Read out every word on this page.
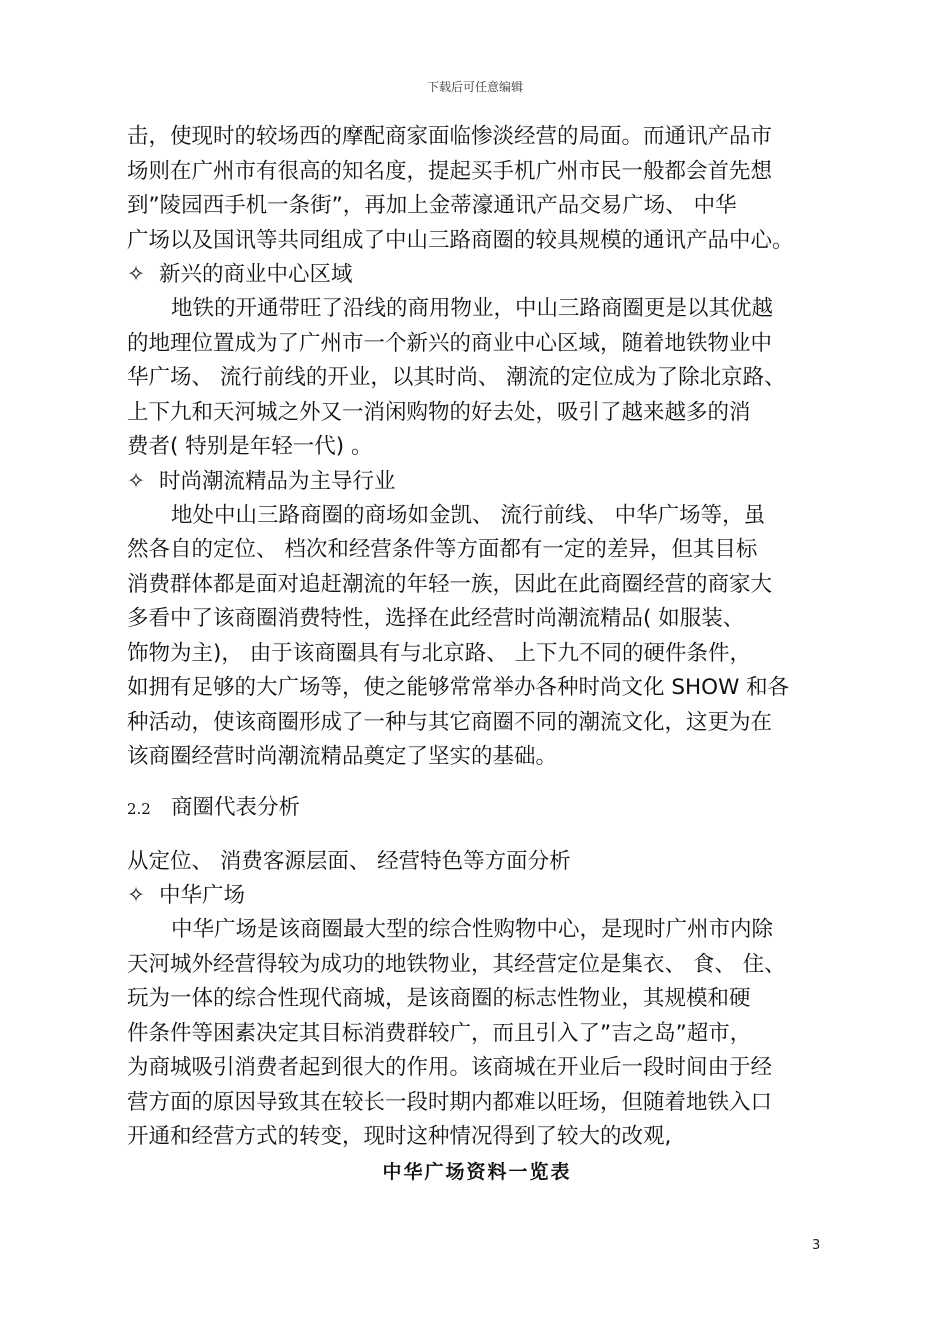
下载后可任意编辑
击，使现时的较场西的摩配商家面临惨淡经营的局面。而通讯产品市
场则在广州市有很高的知名度，提起买手机广州市民一般都会首先想
到”陵园西手机一条街”，再加上金蒂濠通讯产品交易广场、 中华
广场以及国讯等共同组成了中山三路商圈的较具规模的通讯产品中心。
✧ 新兴的商业中心区域
地铁的开通带旺了沿线的商用物业，中山三路商圈更是以其优越
的地理位置成为了广州市一个新兴的商业中心区域，随着地铁物业中
华广场、 流行前线的开业，以其时尚、 潮流的定位成为了除北京路、
上下九和天河城之外又一消闲购物的好去处，吸引了越来越多的消
费者( 特别是年轻一代) 。
✧ 时尚潮流精品为主导行业
地处中山三路商圈的商场如金凯、 流行前线、 中华广场等，虽
然各自的定位、 档次和经营条件等方面都有一定的差异，但其目标
消费群体都是面对追赶潮流的年轻一族，因此在此商圈经营的商家大
多看中了该商圈消费特性，选择在此经营时尚潮流精品( 如服装、
饰物为主)， 由于该商圈具有与北京路、 上下九不同的硬件条件，
如拥有足够的大广场等，使之能够常常举办各种时尚文化 SHOW 和各
种活动，使该商圈形成了一种与其它商圈不同的潮流文化，这更为在
该商圈经营时尚潮流精品奠定了坚实的基础。
2.2 商圈代表分析
从定位、 消费客源层面、 经营特色等方面分析
✧ 中华广场
中华广场是该商圈最大型的综合性购物中心，是现时广州市内除
天河城外经营得较为成功的地铁物业，其经营定位是集衣、 食、 住、
玩为一体的综合性现代商城，是该商圈的标志性物业，其规模和硬
件条件等困素决定其目标消费群较广，而且引入了”吉之岛”超市，
为商城吸引消费者起到很大的作用。该商城在开业后一段时间由于经
营方面的原因导致其在较长一段时期内都难以旺场，但随着地铁入口
开通和经营方式的转变，现时这种情况得到了较大的改观,
中华广场资料一览表
3
